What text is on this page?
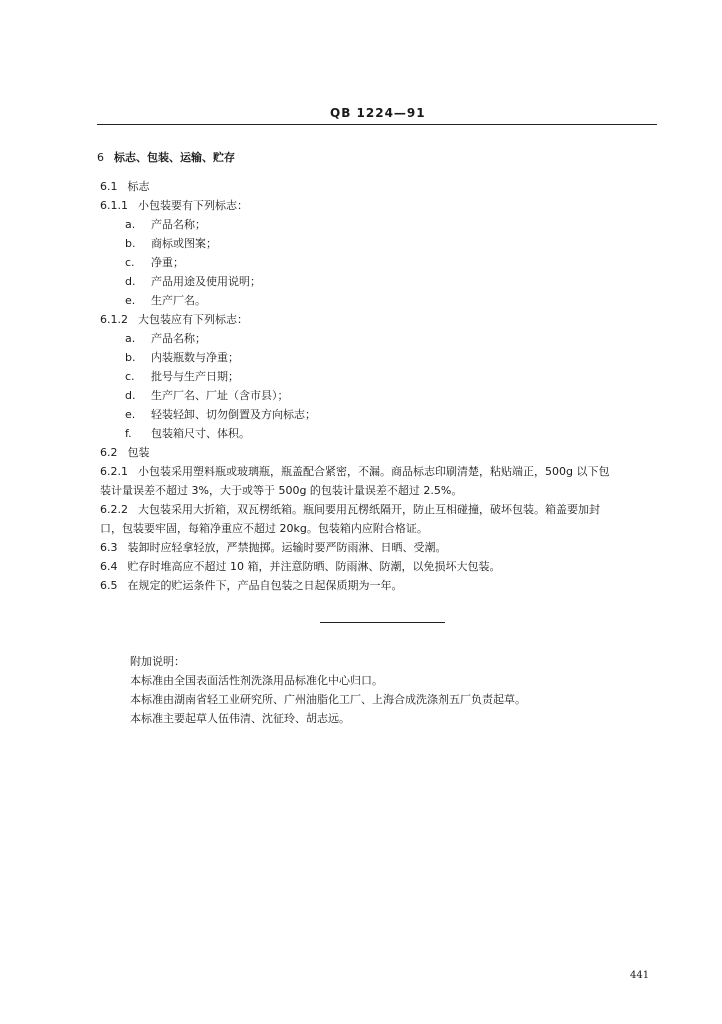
QB 1224—91
6 标志、包装、运输、贮存
6.1 标志
6.1.1 小包装要有下列标志：
a. 产品名称；
b. 商标或图案；
c. 净重；
d. 产品用途及使用说明；
e. 生产厂名。
6.1.2 大包装应有下列标志：
a. 产品名称；
b. 内装瓶数与净重；
c. 批号与生产日期；
d. 生产厂名、厂址（含市县）；
e. 轻装轻卸、切勿倒置及方向标志；
f. 包装箱尺寸、体积。
6.2 包装
6.2.1 小包装采用塑料瓶或玻璃瓶，瓶盖配合紧密，不漏。商品标志印刷清楚，粘贴端正，500g 以下包
装计量误差不超过 3%，大于或等于 500g 的包装计量误差不超过 2.5%。
6.2.2 大包装采用大折箱，双瓦楞纸箱。瓶间要用瓦楞纸隔开，防止互相碰撞，破坏包装。箱盖要加封
口，包装要牢固，每箱净重应不超过 20kg。包装箱内应附合格证。
6.3 装卸时应轻拿轻放，严禁抛掷。运输时要严防雨淋、日晒、受潮。
6.4 贮存时堆高应不超过 10 箱，并注意防晒、防雨淋、防潮，以免损坏大包装。
6.5 在规定的贮运条件下，产品自包装之日起保质期为一年。
附加说明：
本标准由全国表面活性剂洗涤用品标准化中心归口。
本标准由湖南省轻工业研究所、广州油脂化工厂、上海合成洗涤剂五厂负责起草。
本标准主要起草人伍伟清、沈征玲、胡志远。
441
